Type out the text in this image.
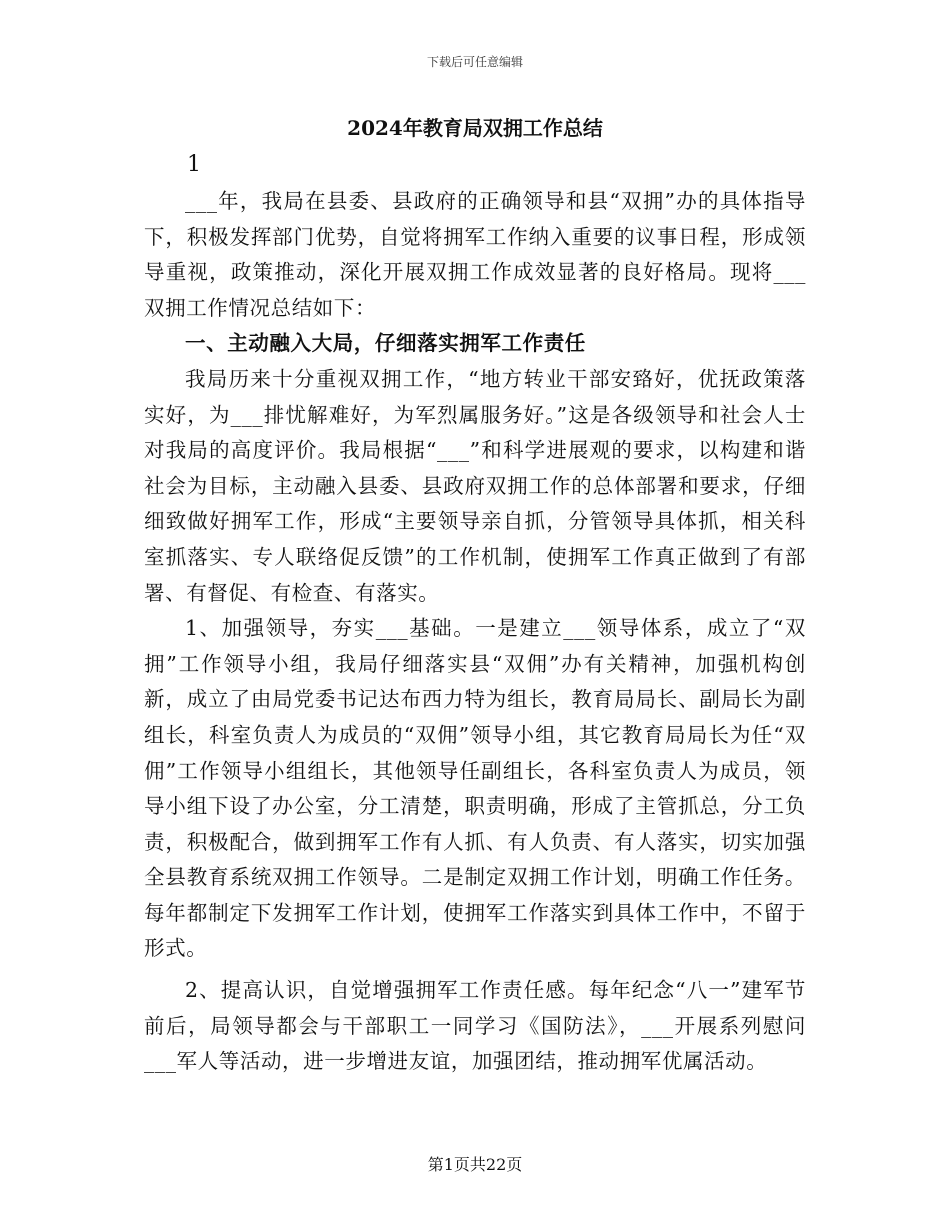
下载后可任意编辑
2024年教育局双拥工作总结
1

___年，我局在县委、县政府的正确领导和县“双拥”办的具体指导下，积极发挥部门优势，自觉将拥军工作纳入重要的议事日程，形成领导重视，政策推动，深化开展双拥工作成效显著的良好格局。现将___双拥工作情况总结如下：

一、主动融入大局，仔细落实拥军工作责任

我局历来十分重视双拥工作，“地方转业干部安臵好，优抚政策落实好，为___排忧解难好，为军烈属服务好。”这是各级领导和社会人士对我局的高度评价。我局根据“___”和科学进展观的要求，以构建和谐社会为目标，主动融入县委、县政府双拥工作的总体部署和要求，仔细细致做好拥军工作，形成“主要领导亲自抓，分管领导具体抓，相关科室抓落实、专人联络促反馈”的工作机制，使拥军工作真正做到了有部署、有督促、有检查、有落实。

1、加强领导，夯实___基础。一是建立___领导体系，成立了“双拥”工作领导小组，我局仔细落实县“双佣”办有关精神，加强机构创新，成立了由局党委书记达布西力特为组长，教育局局长、副局长为副组长，科室负责人为成员的“双佣”领导小组，其它教育局局长为任“双佣”工作领导小组组长，其他领导任副组长，各科室负责人为成员，领导小组下设了办公室，分工清楚，职责明确，形成了主管抓总，分工负责，积极配合，做到拥军工作有人抓、有人负责、有人落实，切实加强全县教育系统双拥工作领导。二是制定双拥工作计划，明确工作任务。每年都制定下发拥军工作计划，使拥军工作落实到具体工作中，不留于形式。

2、提高认识，自觉增强拥军工作责任感。每年纪念“八一”建军节前后，局领导都会与干部职工一同学习《国防法》，___开展系列慰问___军人等活动，进一步增进友谊，加强团结，推动拥军优属活动。

第1页共22页
